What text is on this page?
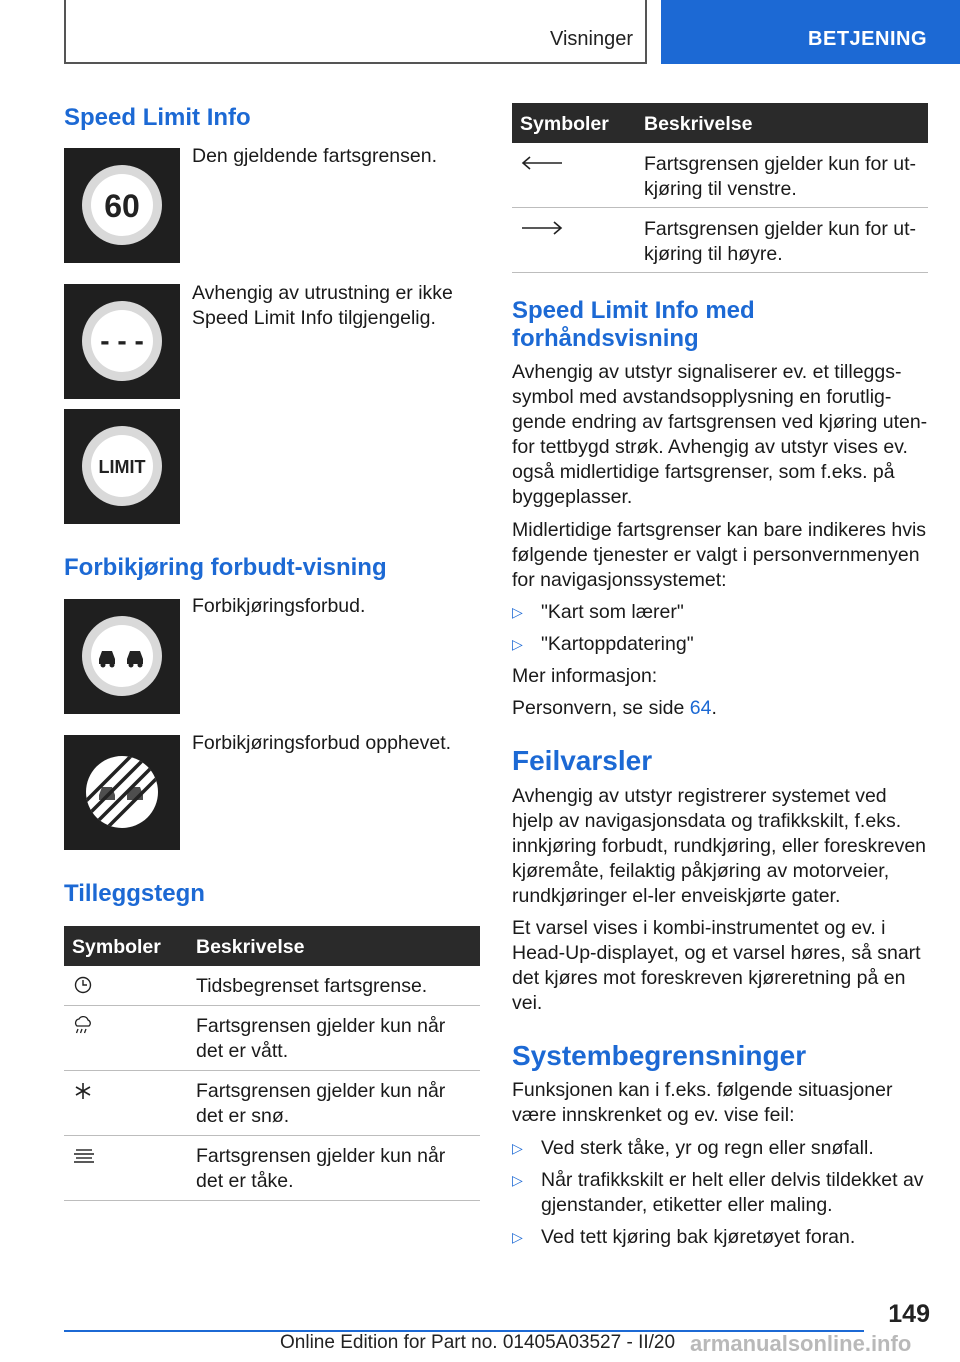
Visninger	BETJENING
Speed Limit Info
60
Den gjeldende fartsgrensen.
- - -
Avhengig av utrustning er ikke Speed Limit Info tilgjengelig.
LIMIT
Forbikjøring forbudt-visning
Forbikjøringsforbud.
Forbikjøringsforbud opphevet.
Tilleggstegn
Symboler Beskrivelse
Tidsbegrenset fartsgrense.
Fartsgrensen gjelder kun når det er vått.
Fartsgrensen gjelder kun når det er snø.
Fartsgrensen gjelder kun når det er tåke.
Symboler Beskrivelse
Fartsgrensen gjelder kun for ut-kjøring til venstre.
Fartsgrensen gjelder kun for ut-kjøring til høyre.
Speed Limit Info med forhåndsvisning
Avhengig av utstyr signaliserer ev. et tilleggs-symbol med avstandsopplysning en forutlig-gende endring av fartsgrensen ved kjøring uten-for tettbygd strøk. Avhengig av utstyr vises ev. også midlertidige fartsgrenser, som f.eks. på byggeplasser.
Midlertidige fartsgrenser kan bare indikeres hvis følgende tjenester er valgt i personvernmenyen for navigasjonssystemet:
▷ "Kart som lærer"
▷ "Kartoppdatering"
Mer informasjon:
Personvern, se side 64.
Feilvarsler
Avhengig av utstyr registrerer systemet ved hjelp av navigasjonsdata og trafikkskilt, f.eks. innkjøring forbudt, rundkjøring, eller foreskreven kjøremåte, feilaktig påkjøring av motorveier, rundkjøringer el-ler enveiskjørte gater.
Et varsel vises i kombi-instrumentet og ev. i Head-Up-displayet, og et varsel høres, så snart det kjøres mot foreskreven kjøreretning på en vei.
Systembegrensninger
Funksjonen kan i f.eks. følgende situasjoner være innskrenket og ev. vise feil:
▷ Ved sterk tåke, yr og regn eller snøfall.
▷ Når trafikkskilt er helt eller delvis tildekket av gjenstander, etiketter eller maling.
▷ Ved tett kjøring bak kjøretøyet foran.
149
Online Edition for Part no. 01405A03527 - II/20 armanualsonline.info
